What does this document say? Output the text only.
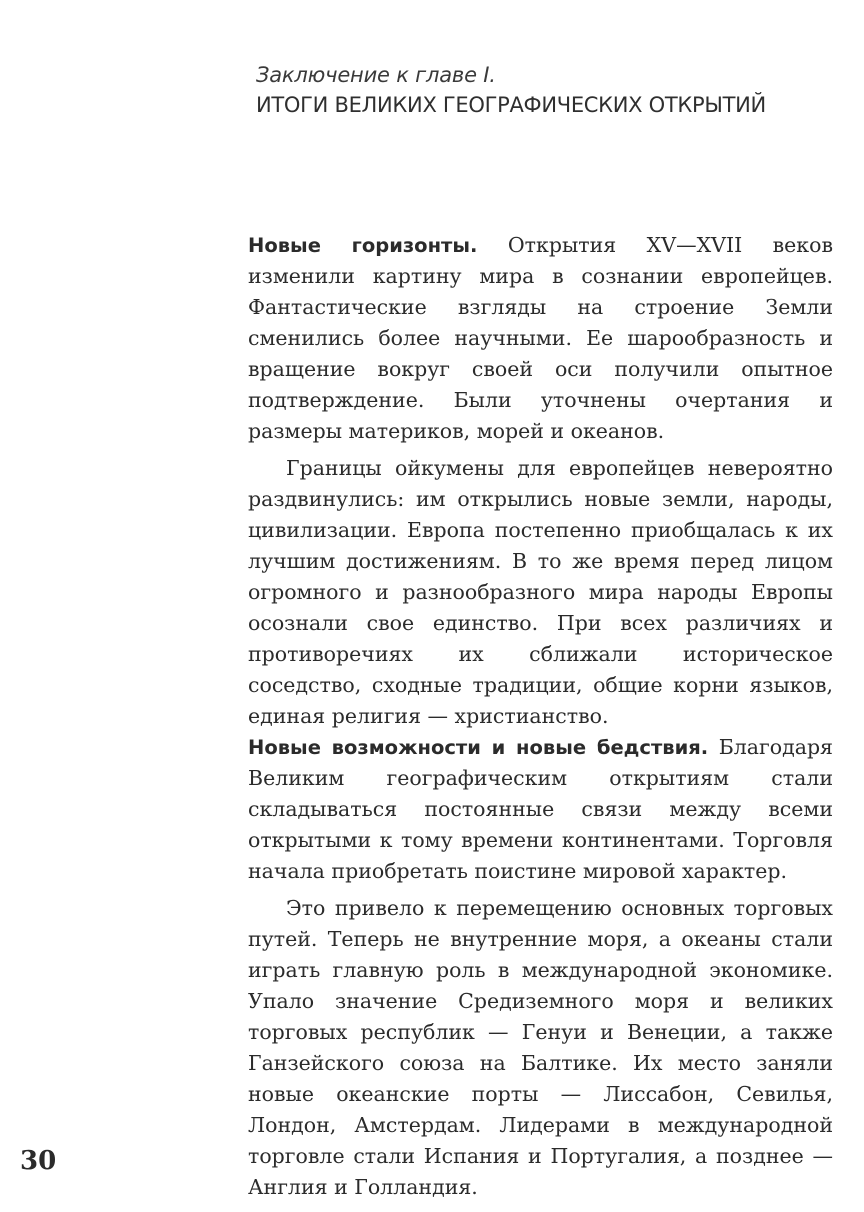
Заключение к главе I.

ИТОГИ ВЕЛИКИХ ГЕОГРАФИЧЕСКИХ ОТКРЫТИЙ

Новые горизонты. Открытия XV—XVII веков изменили картину мира в сознании европейцев. Фантастические взгляды на строение Земли сменились более научными. Ее шарообразность и вращение вокруг своей оси получили опытное подтверждение. Были уточнены очертания и размеры материков, морей и океанов.

Границы ойкумены для европейцев невероятно раздвинулись: им открылись новые земли, народы, цивилизации. Европа постепенно приобщалась к их лучшим достижениям. В то же время перед лицом огромного и разнообразного мира народы Европы осознали свое единство. При всех различиях и противоречиях их сближали историческое соседство, сходные традиции, общие корни языков, единая религия — христианство.

Новые возможности и новые бедствия. Благодаря Великим географическим открытиям стали складываться постоянные связи между всеми открытыми к тому времени континентами. Торговля начала приобретать поистине мировой характер.

Это привело к перемещению основных торговых путей. Теперь не внутренние моря, а океаны стали играть главную роль в международной экономике. Упало значение Средиземного моря и великих торговых республик — Генуи и Венеции, а также Ганзейского союза на Балтике. Их место заняли новые океанские порты — Лиссабон, Севилья, Лондон, Амстердам. Лидерами в международной торговле стали Испания и Португалия, а позднее — Англия и Голландия.

30
